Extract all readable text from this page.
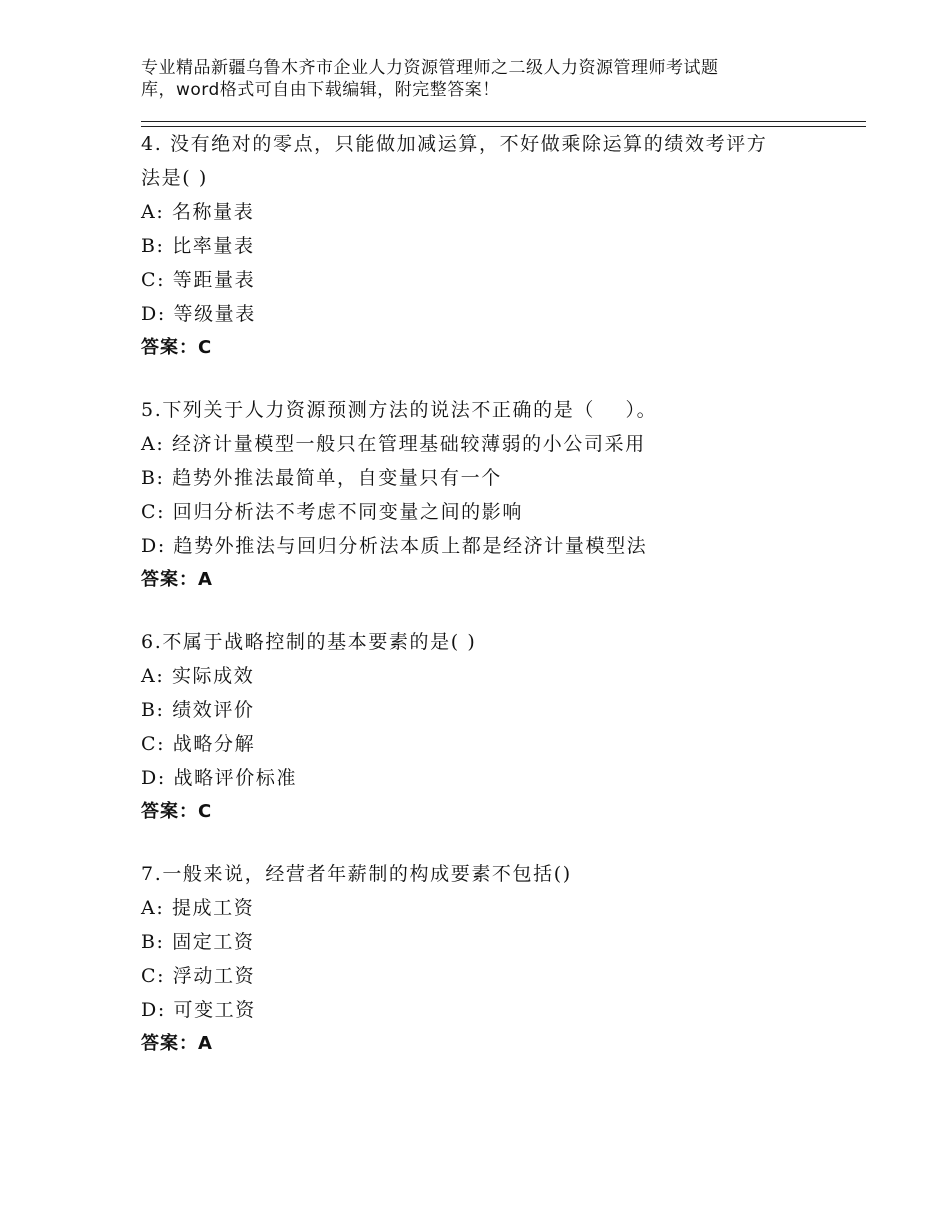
专业精品新疆乌鲁木齐市企业人力资源管理师之二级人力资源管理师考试题
库，word格式可自由下载编辑，附完整答案！
4. 没有绝对的零点，只能做加减运算，不好做乘除运算的绩效考评方
法是( )
A: 名称量表
B: 比率量表
C: 等距量表
D: 等级量表
答案：C
5.下列关于人力资源预测方法的说法不正确的是（    ）。
A: 经济计量模型一般只在管理基础较薄弱的小公司采用
B: 趋势外推法最简单，自变量只有一个
C: 回归分析法不考虑不同变量之间的影响
D: 趋势外推法与回归分析法本质上都是经济计量模型法
答案：A
6.不属于战略控制的基本要素的是( )
A: 实际成效
B: 绩效评价
C: 战略分解
D: 战略评价标准
答案：C
7.一般来说，经营者年薪制的构成要素不包括()
A: 提成工资
B: 固定工资
C: 浮动工资
D: 可变工资
答案：A
